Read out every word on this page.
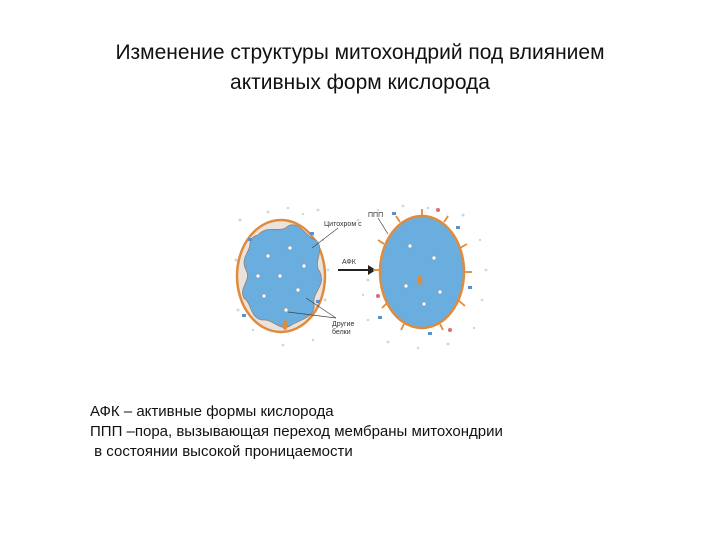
Изменение структуры митохондрий под влиянием
активных форм кислорода
ППП
Цитохром с
АФК
Другие
белки
АФК – активные формы кислорода
ППП –пора, вызывающая переход мембраны митохондрии
в состоянии высокой проницаемости
